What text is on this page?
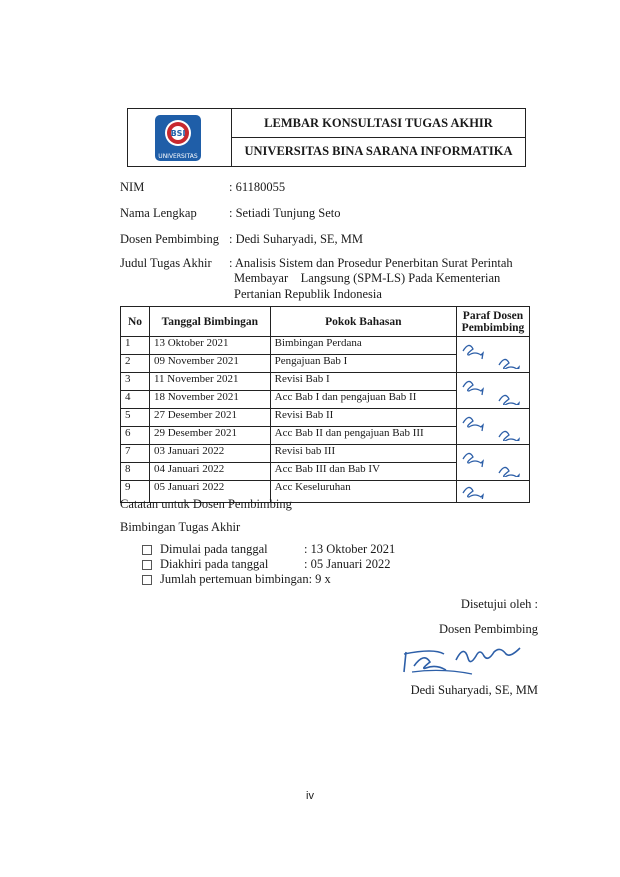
BSI
UNIVERSITAS
LEMBAR KONSULTASI TUGAS AKHIR
UNIVERSITAS BINA SARANA INFORMATIKA
NIM	: 61180055
Nama Lengkap	: Setiadi Tunjung Seto
Dosen Pembimbing : Dedi Suharyadi, SE, MM
Judul Tugas Akhir : Analisis Sistem dan Prosedur Penerbitan Surat Perintah
Membayar    Langsung (SPM-LS) Pada Kementerian
Pertanian Republik Indonesia
No	Tanggal Bimbingan	Pokok Bahasan	Paraf Dosen Pembimbing
1	13 Oktober 2021	Bimbingan Perdana	
2	09 November 2021	Pengajuan Bab I	
3	11 November 2021	Revisi Bab I	
4	18 November 2021	Acc Bab I dan pengajuan Bab II	
5	27 Desember 2021	Revisi Bab II	
6	29 Desember 2021	Acc Bab II dan pengajuan Bab III	
7	03 Januari 2022	Revisi bab III	
8	04 Januari 2022	Acc Bab III dan Bab IV	
9	05 Januari 2022	Acc Keseluruhan	
Catatan untuk Dosen Pembimbing
Bimbingan Tugas Akhir
Dimulai pada tanggal	: 13 Oktober 2021
Diakhiri pada tanggal	: 05 Januari 2022
Jumlah pertemuan bimbingan: 9 x
Disetujui oleh :
Dosen Pembimbing
Dedi Suharyadi, SE, MM
iv
